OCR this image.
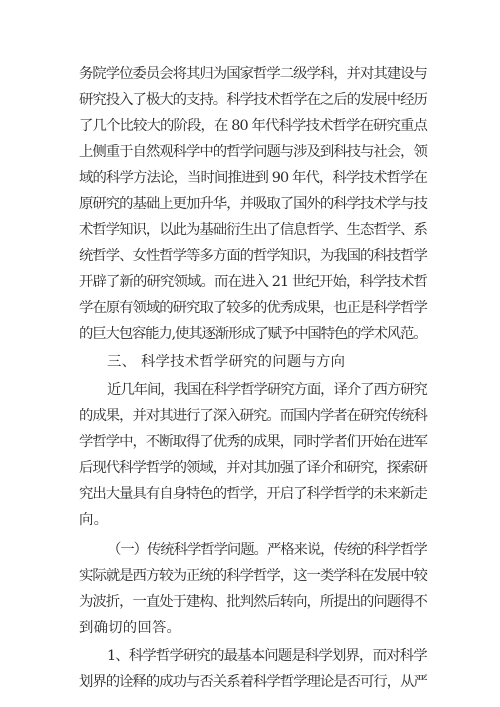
务院学位委员会将其归为国家哲学二级学科，并对其建设与
研究投入了极大的支持。科学技术哲学在之后的发展中经历
了几个比较大的阶段，在 80 年代科学技术哲学在研究重点
上侧重于自然观科学中的哲学问题与涉及到科技与社会，领
域的科学方法论，当时间推进到 90 年代，科学技术哲学在
原研究的基础上更加升华，并吸取了国外的科学技术学与技
术哲学知识，以此为基础衍生出了信息哲学、生态哲学、系
统哲学、女性哲学等多方面的哲学知识，为我国的科技哲学
开辟了新的研究领域。而在进入 21 世纪开始，科学技术哲
学在原有领域的研究取了较多的优秀成果，也正是科学哲学
的巨大包容能力,使其逐渐形成了赋予中国特色的学术风范。
三、 科学技术哲学研究的问题与方向
近几年间，我国在科学哲学研究方面，译介了西方研究
的成果，并对其进行了深入研究。而国内学者在研究传统科
学哲学中，不断取得了优秀的成果，同时学者们开始在进军
后现代科学哲学的领域，并对其加强了译介和研究，探索研
究出大量具有自身特色的哲学，开启了科学哲学的未来新走
向。
（一）传统科学哲学问题。严格来说，传统的科学哲学
实际就是西方较为正统的科学哲学，这一类学科在发展中较
为波折，一直处于建构、批判然后转向，所提出的问题得不
到确切的回答。
1、科学哲学研究的最基本问题是科学划界，而对科学
划界的诠释的成功与否关系着科学哲学理论是否可行，从严
